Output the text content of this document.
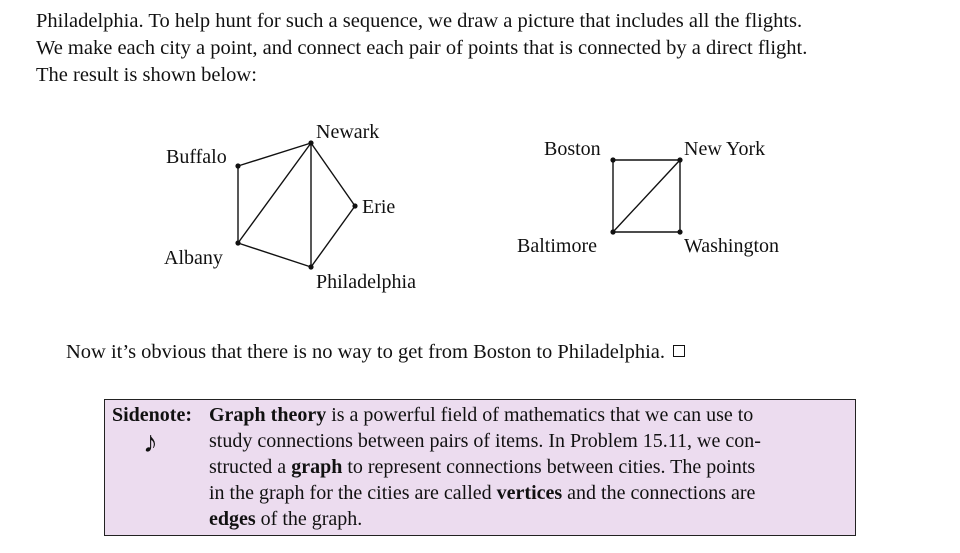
Philadelphia. To help hunt for such a sequence, we draw a picture that includes all the flights.
We make each city a point, and connect each pair of points that is connected by a direct flight.
The result is shown below:
Newark
Buffalo
Erie
Albany
Philadelphia
Boston	New York
Baltimore	Washington

Now it’s obvious that there is no way to get from Boston to Philadelphia.

Sidenote:
♪
Graph theory is a powerful field of mathematics that we can use to
study connections between pairs of items. In Problem 15.11, we con-
structed a graph to represent connections between cities. The points
in the graph for the cities are called vertices and the connections are
edges of the graph.
